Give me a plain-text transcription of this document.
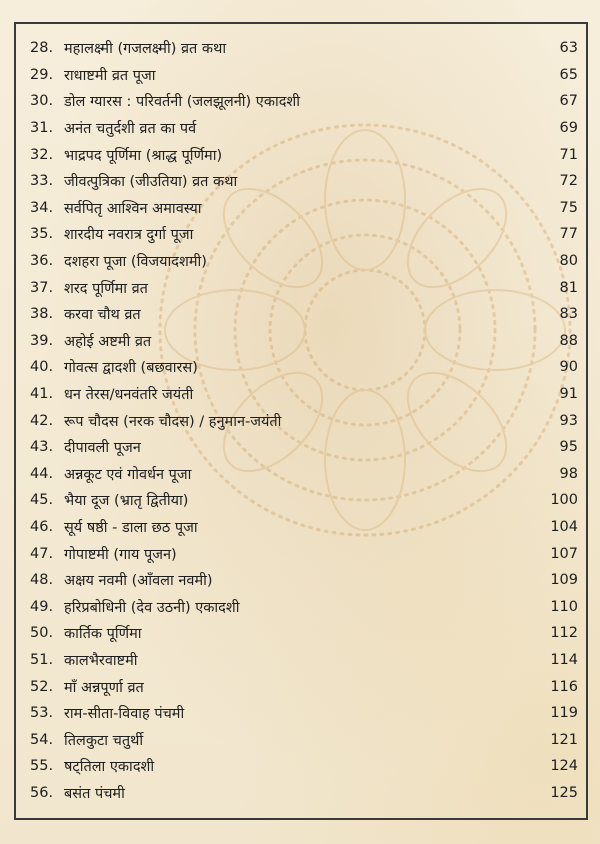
28. महालक्ष्मी (गजलक्ष्मी) व्रत कथा	63
29. राधाष्टमी व्रत पूजा	65
30. डोल ग्यारस : परिवर्तनी (जलझूलनी) एकादशी	67
31. अनंत चतुर्दशी व्रत का पर्व	69
32. भाद्रपद पूर्णिमा (श्राद्ध पूर्णिमा)	71
33. जीवत्पुत्रिका (जीउतिया) व्रत कथा	72
34. सर्वपितृ आश्विन अमावस्या	75
35. शारदीय नवरात्र दुर्गा पूजा	77
36. दशहरा पूजा (विजयादशमी)	80
37. शरद पूर्णिमा व्रत	81
38. करवा चौथ व्रत	83
39. अहोई अष्टमी व्रत	88
40. गोवत्स द्वादशी (बछवारस)	90
41. धन तेरस/धनवंतरि जयंती	91
42. रूप चौदस (नरक चौदस) / हनुमान-जयंती	93
43. दीपावली पूजन	95
44. अन्नकूट एवं गोवर्धन पूजा	98
45. भैया दूज (भ्रातृ द्वितीया)	100
46. सूर्य षष्ठी - डाला छठ पूजा	104
47. गोपाष्टमी (गाय पूजन)	107
48. अक्षय नवमी (आँवला नवमी)	109
49. हरिप्रबोधिनी (देव उठनी) एकादशी	110
50. कार्तिक पूर्णिमा	112
51. कालभैरवाष्टमी	114
52. माँ अन्नपूर्णा व्रत	116
53. राम-सीता-विवाह पंचमी	119
54. तिलकुटा चतुर्थी	121
55. षट्तिला एकादशी	124
56. बसंत पंचमी	125
